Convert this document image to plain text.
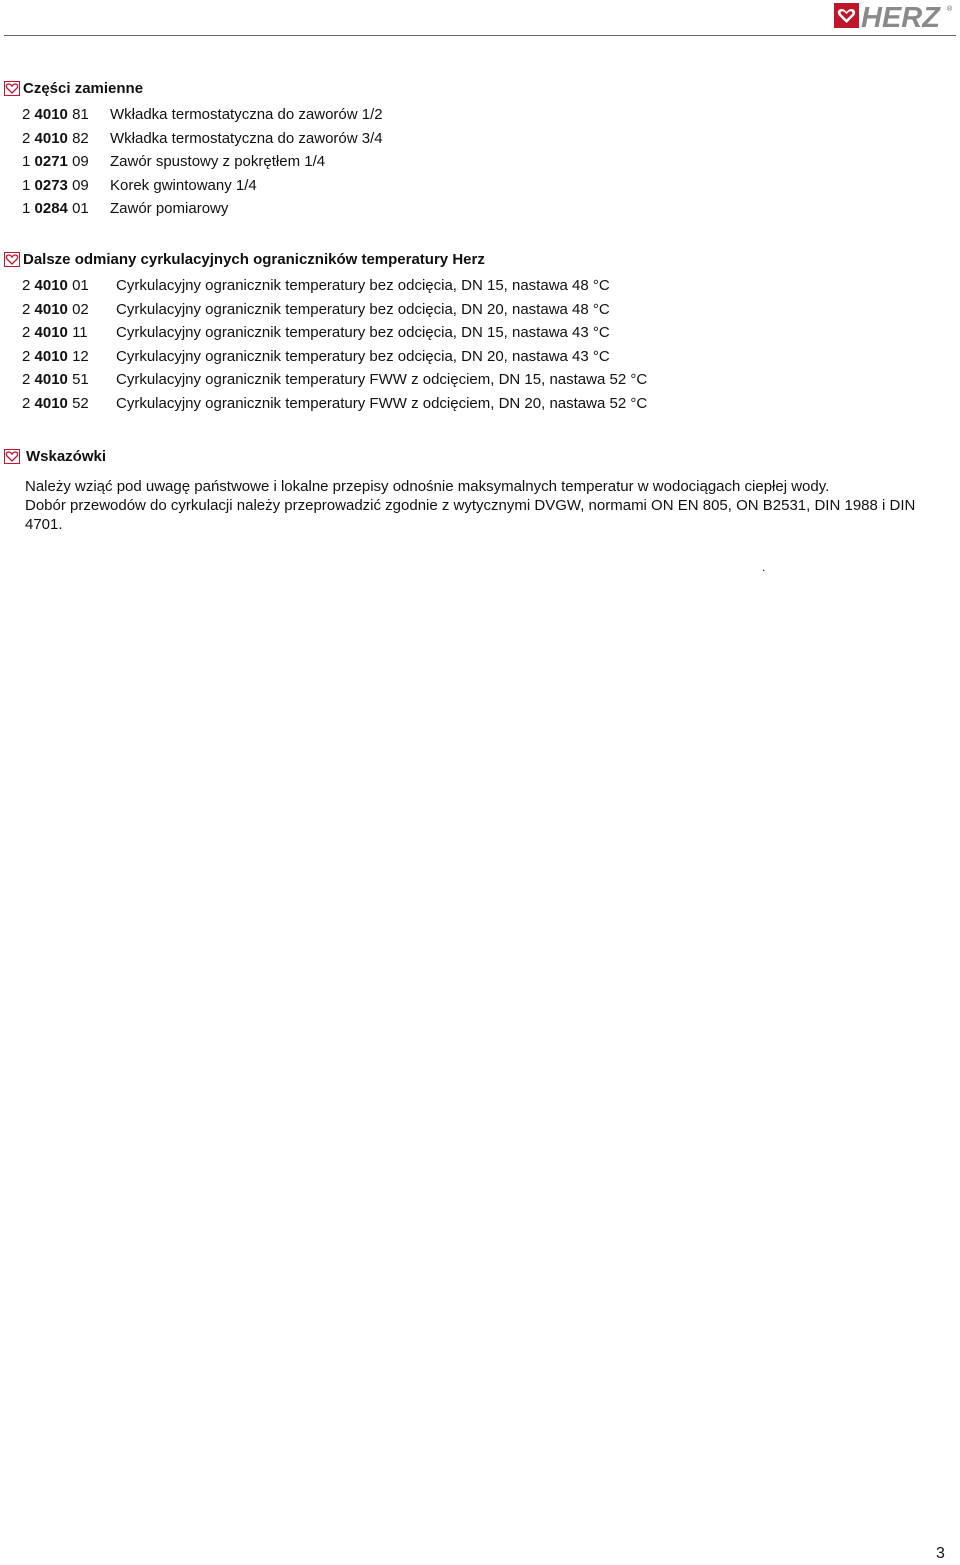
HERZ ®
Części zamienne
2 4010 81	Wkładka termostatyczna do zaworów 1/2
2 4010 82	Wkładka termostatyczna do zaworów 3/4
1 0271 09	Zawór spustowy z pokrętłem 1/4
1 0273 09	Korek gwintowany 1/4
1 0284 01	Zawór pomiarowy
Dalsze odmiany cyrkulacyjnych ograniczników temperatury Herz
2 4010 01	Cyrkulacyjny ogranicznik temperatury bez odcięcia, DN 15, nastawa 48 °C
2 4010 02	Cyrkulacyjny ogranicznik temperatury bez odcięcia, DN 20, nastawa 48 °C
2 4010 11	Cyrkulacyjny ogranicznik temperatury bez odcięcia, DN 15, nastawa 43 °C
2 4010 12	Cyrkulacyjny ogranicznik temperatury bez odcięcia, DN 20, nastawa 43 °C
2 4010 51	Cyrkulacyjny ogranicznik temperatury FWW z odcięciem, DN 15, nastawa 52 °C
2 4010 52	Cyrkulacyjny ogranicznik temperatury FWW z odcięciem, DN 20, nastawa 52 °C
Wskazówki
Należy wziąć pod uwagę państwowe i lokalne przepisy odnośnie maksymalnych temperatur w wodociągach ciepłej wody.
Dobór przewodów do cyrkulacji należy przeprowadzić zgodnie z wytycznymi DVGW, normami ON EN 805, ON B2531, DIN 1988 i DIN 4701.
.
3
